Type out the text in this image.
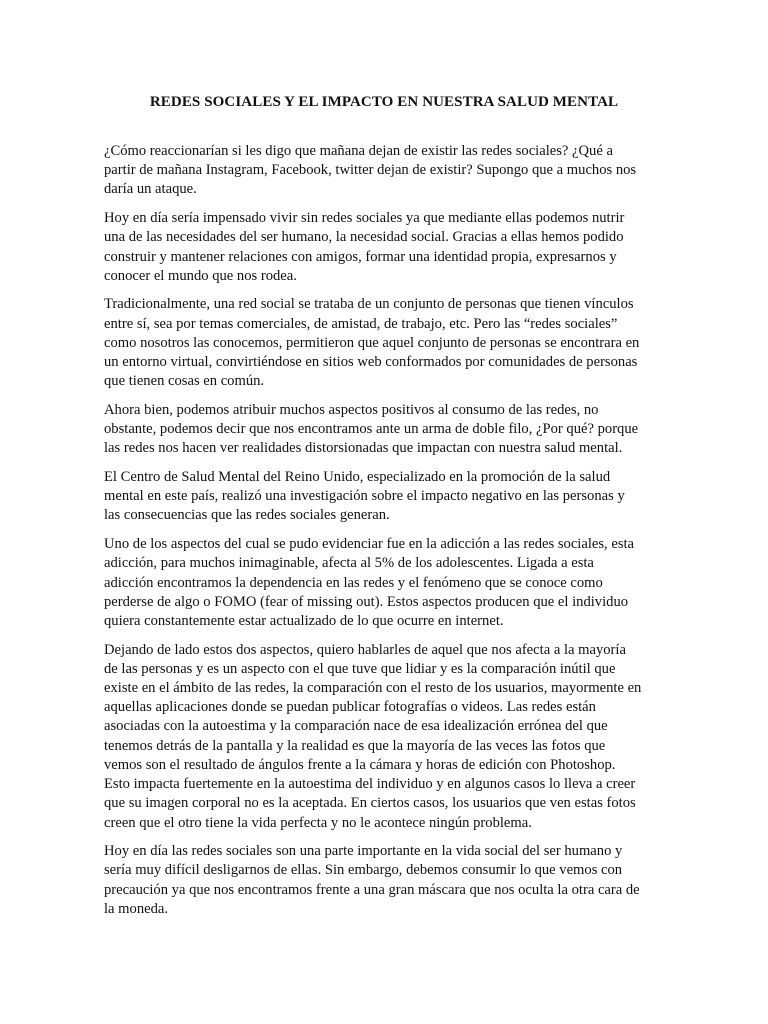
REDES SOCIALES Y EL IMPACTO EN NUESTRA SALUD MENTAL

¿Cómo reaccionarían si les digo que mañana dejan de existir las redes sociales? ¿Qué a
partir de mañana Instagram, Facebook, twitter dejan de existir? Supongo que a muchos nos
daría un ataque.

Hoy en día sería impensado vivir sin redes sociales ya que mediante ellas podemos nutrir
una de las necesidades del ser humano, la necesidad social. Gracias a ellas hemos podido
construir y mantener relaciones con amigos, formar una identidad propia, expresarnos y
conocer el mundo que nos rodea.

Tradicionalmente, una red social se trataba de un conjunto de personas que tienen vínculos
entre sí, sea por temas comerciales, de amistad, de trabajo, etc. Pero las “redes sociales”
como nosotros las conocemos, permitieron que aquel conjunto de personas se encontrara en
un entorno virtual, convirtiéndose en sitios web conformados por comunidades de personas
que tienen cosas en común.

Ahora bien, podemos atribuir muchos aspectos positivos al consumo de las redes, no
obstante, podemos decir que nos encontramos ante un arma de doble filo, ¿Por qué? porque
las redes nos hacen ver realidades distorsionadas que impactan con nuestra salud mental.

El Centro de Salud Mental del Reino Unido, especializado en la promoción de la salud
mental en este país, realizó una investigación sobre el impacto negativo en las personas y
las consecuencias que las redes sociales generan.

Uno de los aspectos del cual se pudo evidenciar fue en la adicción a las redes sociales, esta
adicción, para muchos inimaginable, afecta al 5% de los adolescentes. Ligada a esta
adicción encontramos la dependencia en las redes y el fenómeno que se conoce como
perderse de algo o FOMO (fear of missing out). Estos aspectos producen que el individuo
quiera constantemente estar actualizado de lo que ocurre en internet.

Dejando de lado estos dos aspectos, quiero hablarles de aquel que nos afecta a la mayoría
de las personas y es un aspecto con el que tuve que lidiar y es la comparación inútil que
existe en el ámbito de las redes, la comparación con el resto de los usuarios, mayormente en
aquellas aplicaciones donde se puedan publicar fotografías o videos. Las redes están
asociadas con la autoestima y la comparación nace de esa idealización errónea del que
tenemos detrás de la pantalla y la realidad es que la mayoría de las veces las fotos que
vemos son el resultado de ángulos frente a la cámara y horas de edición con Photoshop.
Esto impacta fuertemente en la autoestima del individuo y en algunos casos lo lleva a creer
que su imagen corporal no es la aceptada. En ciertos casos, los usuarios que ven estas fotos
creen que el otro tiene la vida perfecta y no le acontece ningún problema.

Hoy en día las redes sociales son una parte importante en la vida social del ser humano y
sería muy difícil desligarnos de ellas. Sin embargo, debemos consumir lo que vemos con
precaución ya que nos encontramos frente a una gran máscara que nos oculta la otra cara de
la moneda.
